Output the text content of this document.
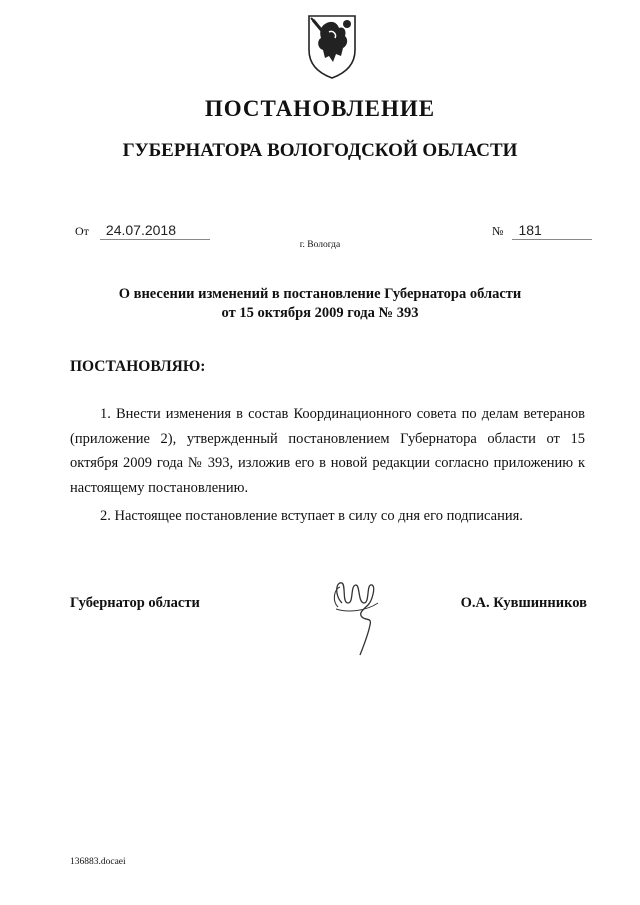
ПОСТАНОВЛЕНИЕ
ГУБЕРНАТОРА ВОЛОГОДСКОЙ ОБЛАСТИ
От 24.07.2018	№ 181
г. Вологда
О внесении изменений в постановление Губернатора области
от 15 октября 2009 года № 393
ПОСТАНОВЛЯЮ:

1. Внести изменения в состав Координационного совета по делам ветеранов (приложение 2), утвержденный постановлением Губернатора области от 15 октября 2009 года № 393, изложив его в новой редакции согласно приложению к настоящему постановлению.

2. Настоящее постановление вступает в силу со дня его подписания.

Губернатор области	О.А. Кувшинников
136883.docaei
